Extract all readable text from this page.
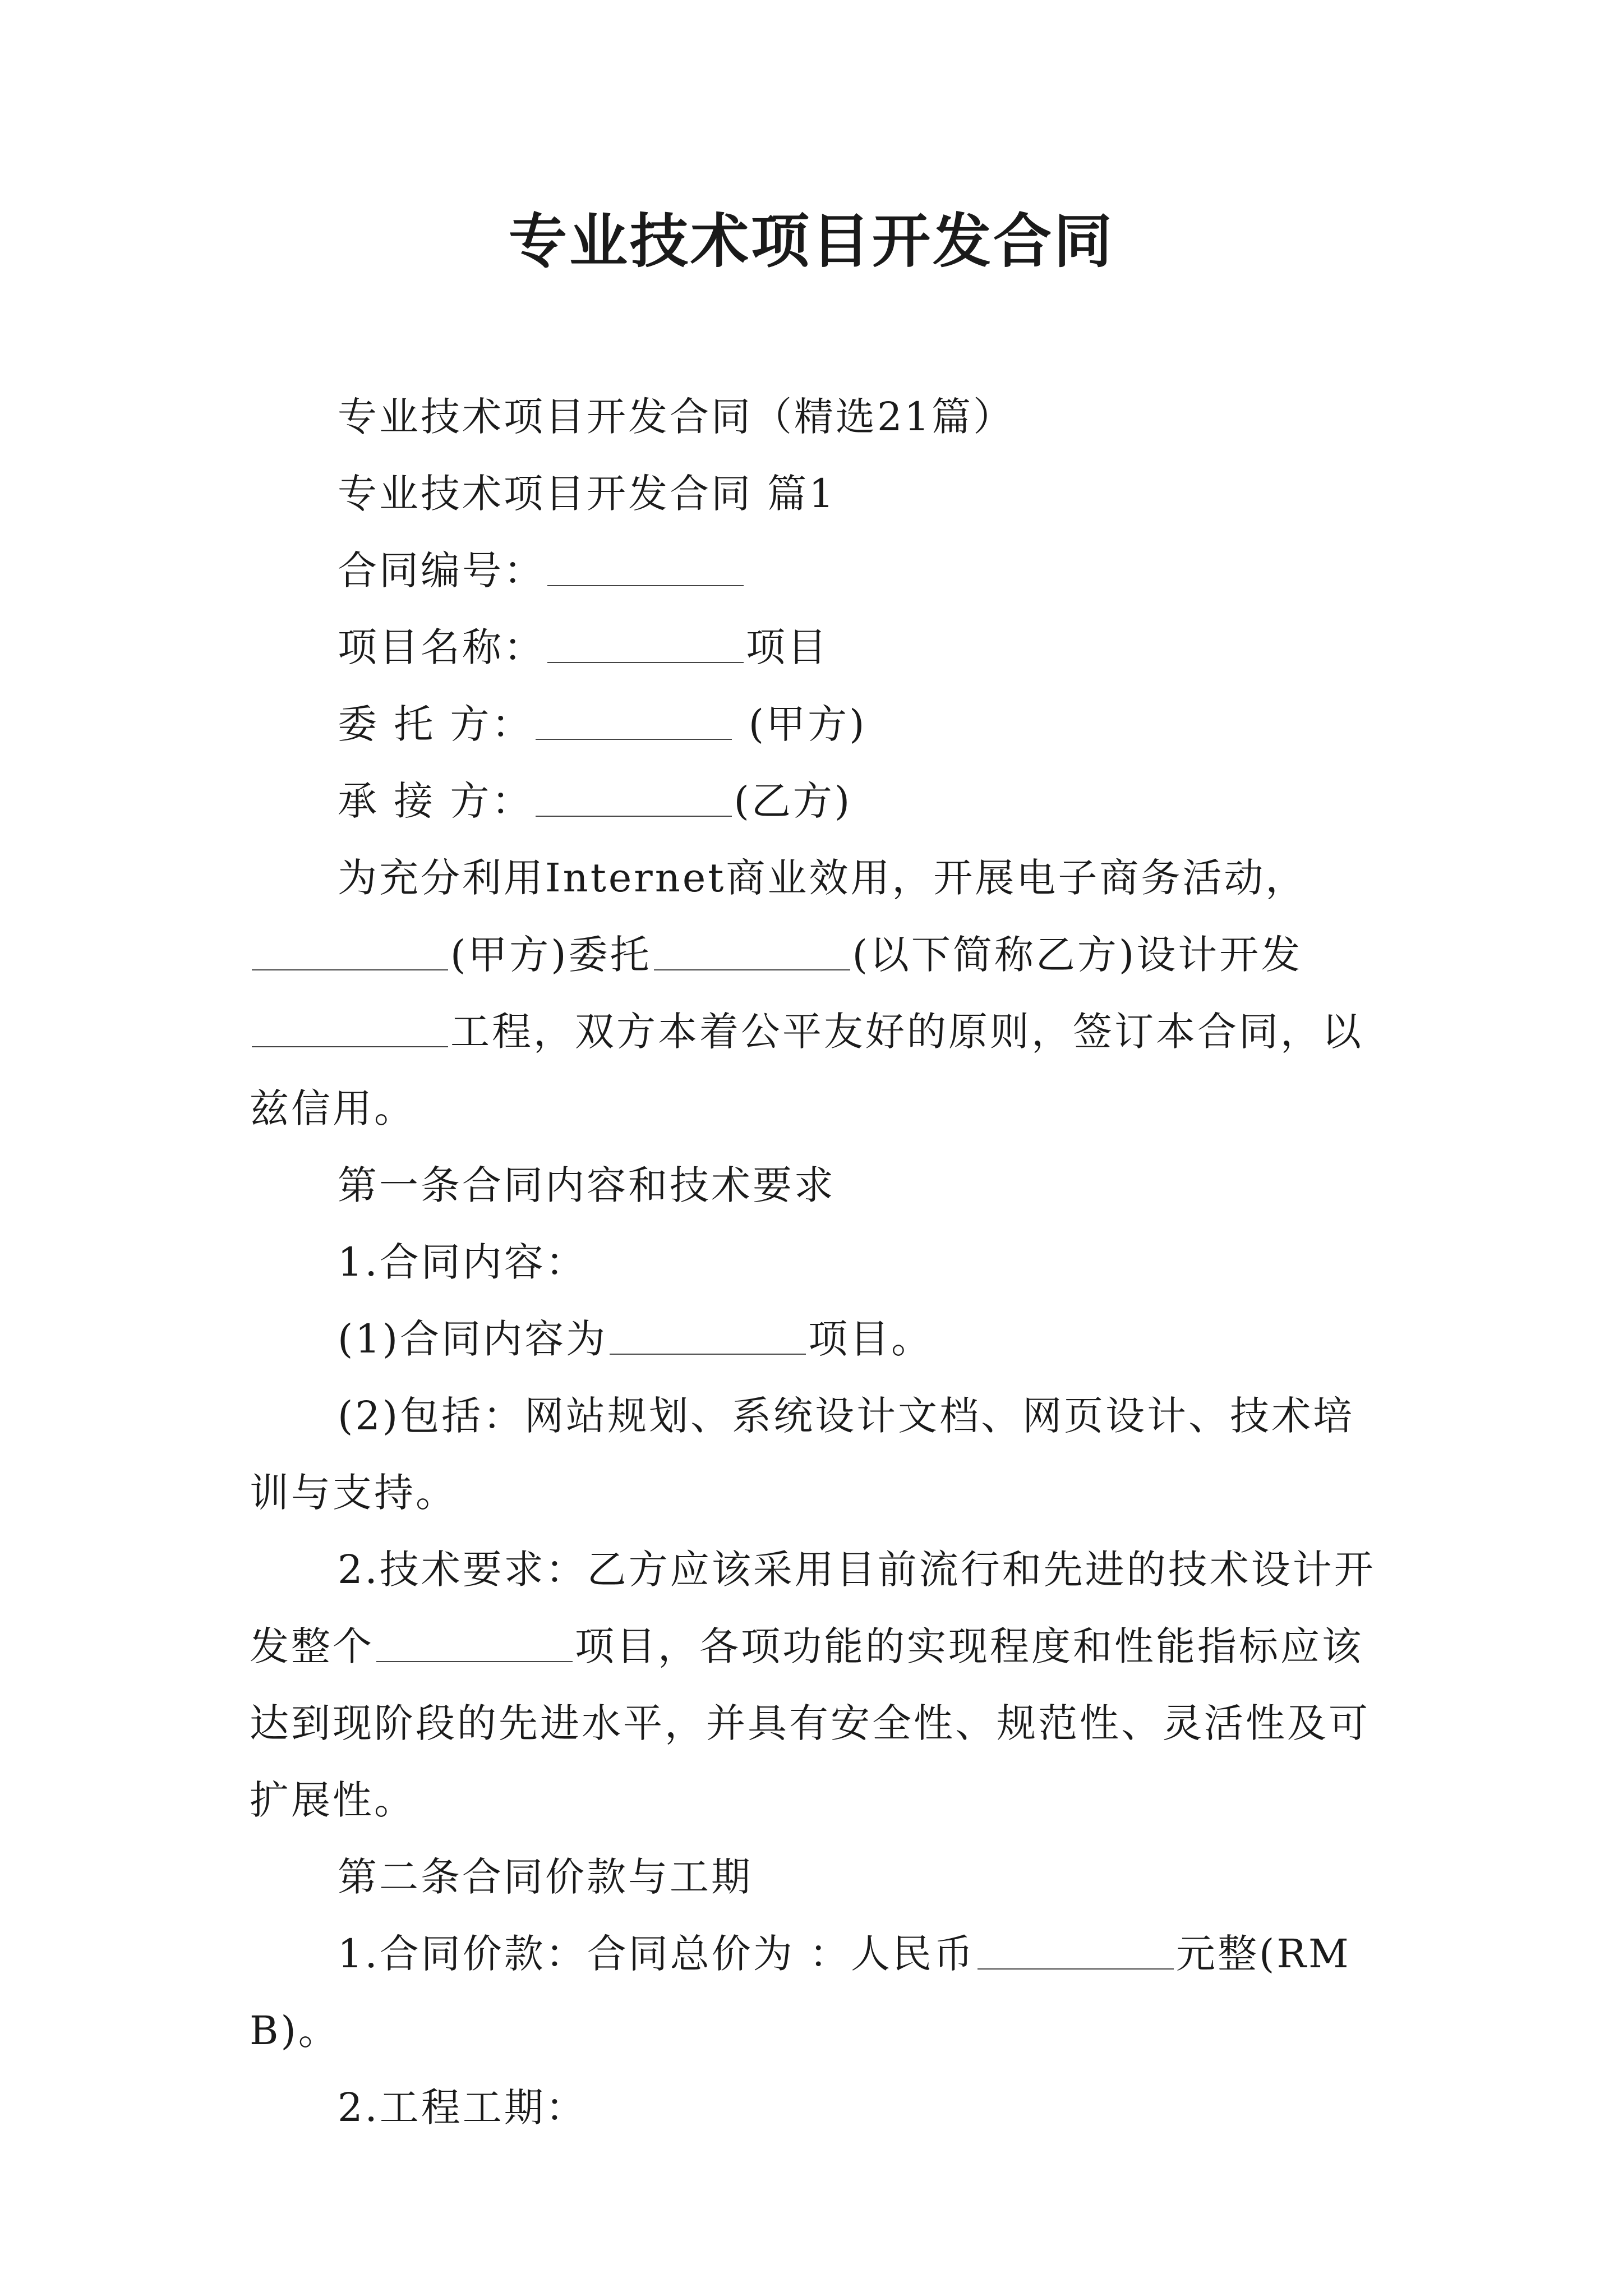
专业技术项目开发合同

专业技术项目开发合同（精选21篇）

专业技术项目开发合同 篇1

合同编号：

项目名称：	项目

委 托 方：	(甲方)

承 接 方：	(乙方)

为充分利用Internet商业效用，开展电子商务活动，(甲方)委托	(以下简称乙方)设计开发工程，双方本着公平友好的原则，签订本合同，以兹信用。

第一条合同内容和技术要求

1.合同内容：

(1)合同内容为	项目。

(2)包括：网站规划、系统设计文档、网页设计、技术培训与支持。

2.技术要求：乙方应该采用目前流行和先进的技术设计开发整个	项目，各项功能的实现程度和性能指标应该达到现阶段的先进水平，并具有安全性、规范性、灵活性及可扩展性。

第二条合同价款与工期

1.合同价款：合同总价为 ：人民币	元整(RMB)。

2.工程工期：
